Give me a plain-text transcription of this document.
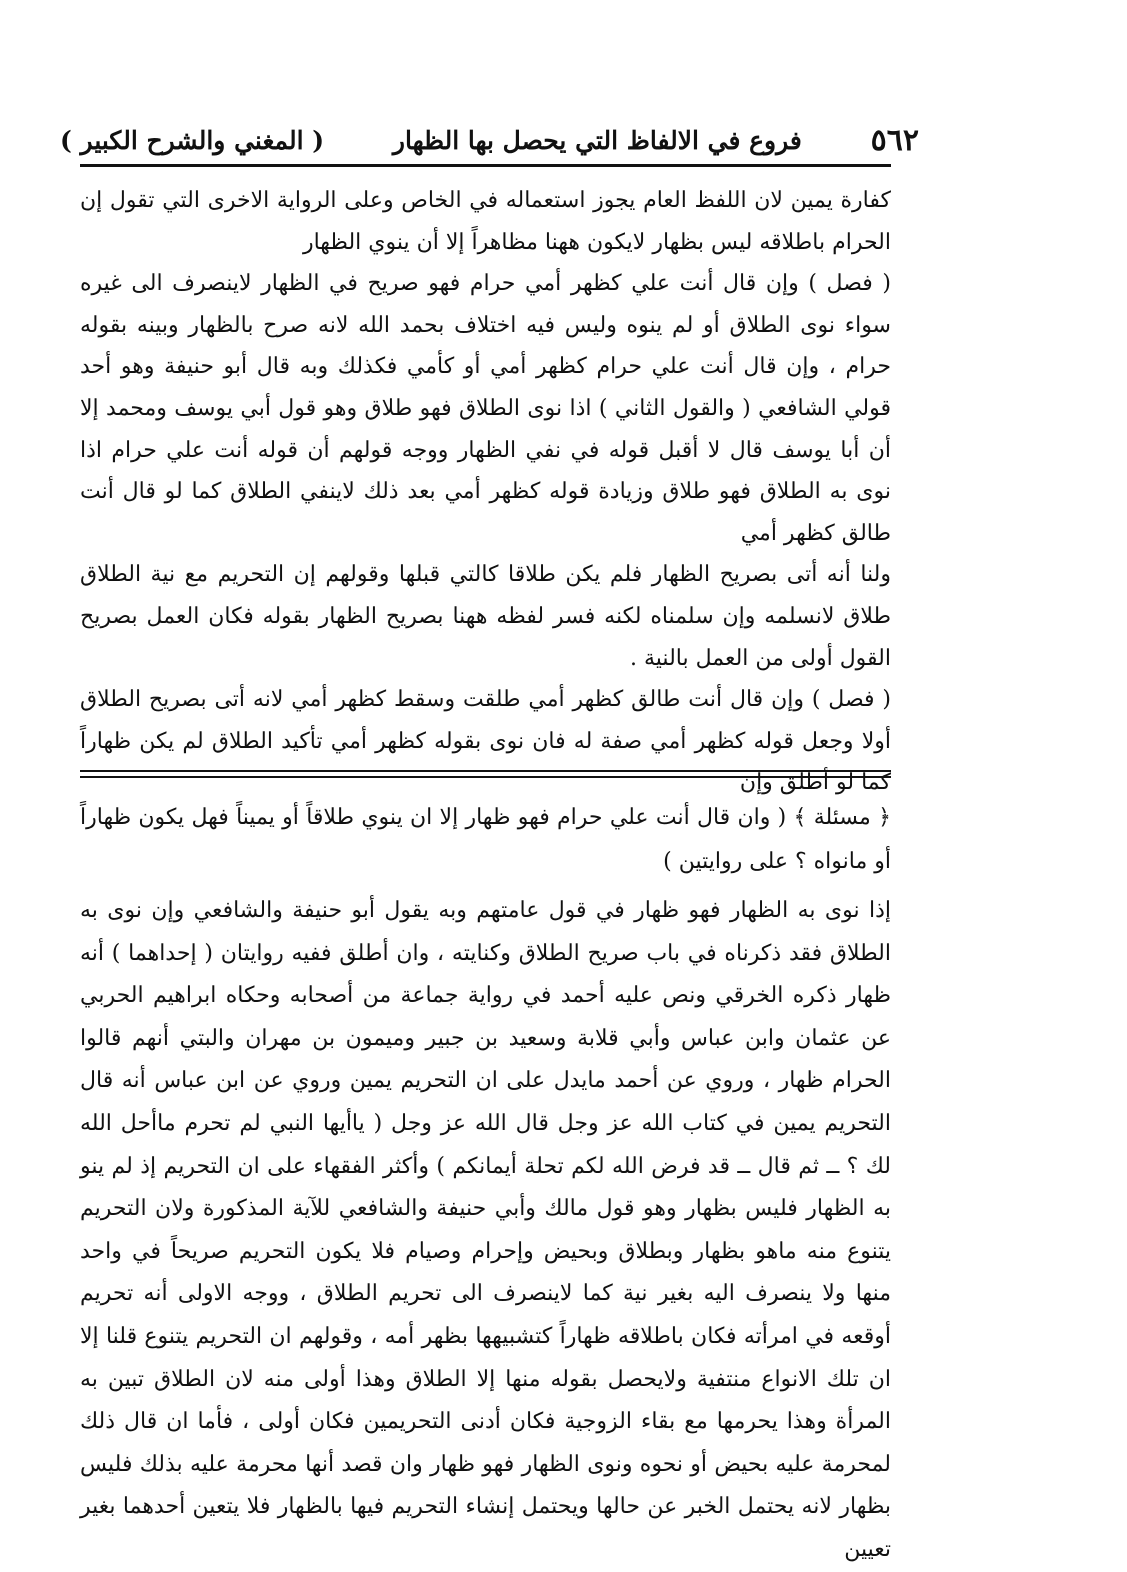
٥٦٢
فروع في الالفاظ التي يحصل بها الظهار
( المغني والشرح الكبير )

كفارة يمين لان اللفظ العام يجوز استعماله في الخاص وعلى الرواية الاخرى التي تقول إن الحرام باطلاقه ليس بظهار لايكون ههنا مظاهراً إلا أن ينوي الظهار

( فصل ) وإن قال أنت علي كظهر أمي حرام فهو صريح في الظهار لاينصرف الى غيره سواء نوى الطلاق أو لم ينوه وليس فيه اختلاف بحمد الله لانه صرح بالظهار وبينه بقوله حرام ، وإن قال أنت علي حرام كظهر أمي أو كأمي فكذلك وبه قال أبو حنيفة وهو أحد قولي الشافعي ( والقول الثاني ) اذا نوى الطلاق فهو طلاق وهو قول أبي يوسف ومحمد إلا أن أبا يوسف قال لا أقبل قوله في نفي الظهار ووجه قولهم أن قوله أنت علي حرام اذا نوى به الطلاق فهو طلاق وزيادة قوله كظهر أمي بعد ذلك لاينفي الطلاق كما لو قال أنت طالق كظهر أمي

ولنا أنه أتى بصريح الظهار فلم يكن طلاقا كالتي قبلها وقولهم إن التحريم مع نية الطلاق طلاق لانسلمه وإن سلمناه لكنه فسر لفظه ههنا بصريح الظهار بقوله فكان العمل بصريح القول أولى من العمل بالنية .

( فصل ) وإن قال أنت طالق كظهر أمي طلقت وسقط كظهر أمي لانه أتى بصريح الطلاق أولا وجعل قوله كظهر أمي صفة له فان نوى بقوله كظهر أمي تأكيد الطلاق لم يكن ظهاراً كما لو أطلق وإن

﴿ مسئلة ﴾ ( وان قال أنت علي حرام فهو ظهار إلا ان ينوي طلاقاً أو يميناً فهل يكون ظهاراً أو مانواه ؟ على روايتين )

إذا نوى به الظهار فهو ظهار في قول عامتهم وبه يقول أبو حنيفة والشافعي وإن نوى به الطلاق فقد ذكرناه في باب صريح الطلاق وكنايته ، وان أطلق ففيه روايتان ( إحداهما ) أنه ظهار ذكره الخرقي ونص عليه أحمد في رواية جماعة من أصحابه وحكاه ابراهيم الحربي عن عثمان وابن عباس وأبي قلابة وسعيد بن جبير وميمون بن مهران والبتي أنهم قالوا الحرام ظهار ، وروي عن أحمد مايدل على ان التحريم يمين وروي عن ابن عباس أنه قال التحريم يمين في كتاب الله عز وجل قال الله عز وجل ( ياأيها النبي لم تحرم ماأحل الله لك ؟ ــ ثم قال ــ قد فرض الله لكم تحلة أيمانكم ) وأكثر الفقهاء على ان التحريم إذ لم ينو به الظهار فليس بظهار وهو قول مالك وأبي حنيفة والشافعي للآية المذكورة ولان التحريم يتنوع منه ماهو بظهار وبطلاق وبحيض وإحرام وصيام فلا يكون التحريم صريحاً في واحد منها ولا ينصرف اليه بغير نية كما لاينصرف الى تحريم الطلاق ، ووجه الاولى أنه تحريم أوقعه في امرأته فكان باطلاقه ظهاراً كتشبيهها بظهر أمه ، وقولهم ان التحريم يتنوع قلنا إلا ان تلك الانواع منتفية ولايحصل بقوله منها إلا الطلاق وهذا أولى منه لان الطلاق تبين به المرأة وهذا يحرمها مع بقاء الزوجية فكان أدنى التحريمين فكان أولى ، فأما ان قال ذلك لمحرمة عليه بحيض أو نحوه ونوى الظهار فهو ظهار وان قصد أنها محرمة عليه بذلك فليس بظهار لانه يحتمل الخبر عن حالها ويحتمل إنشاء التحريم فيها بالظهار فلا يتعين أحدهما بغير تعيين
